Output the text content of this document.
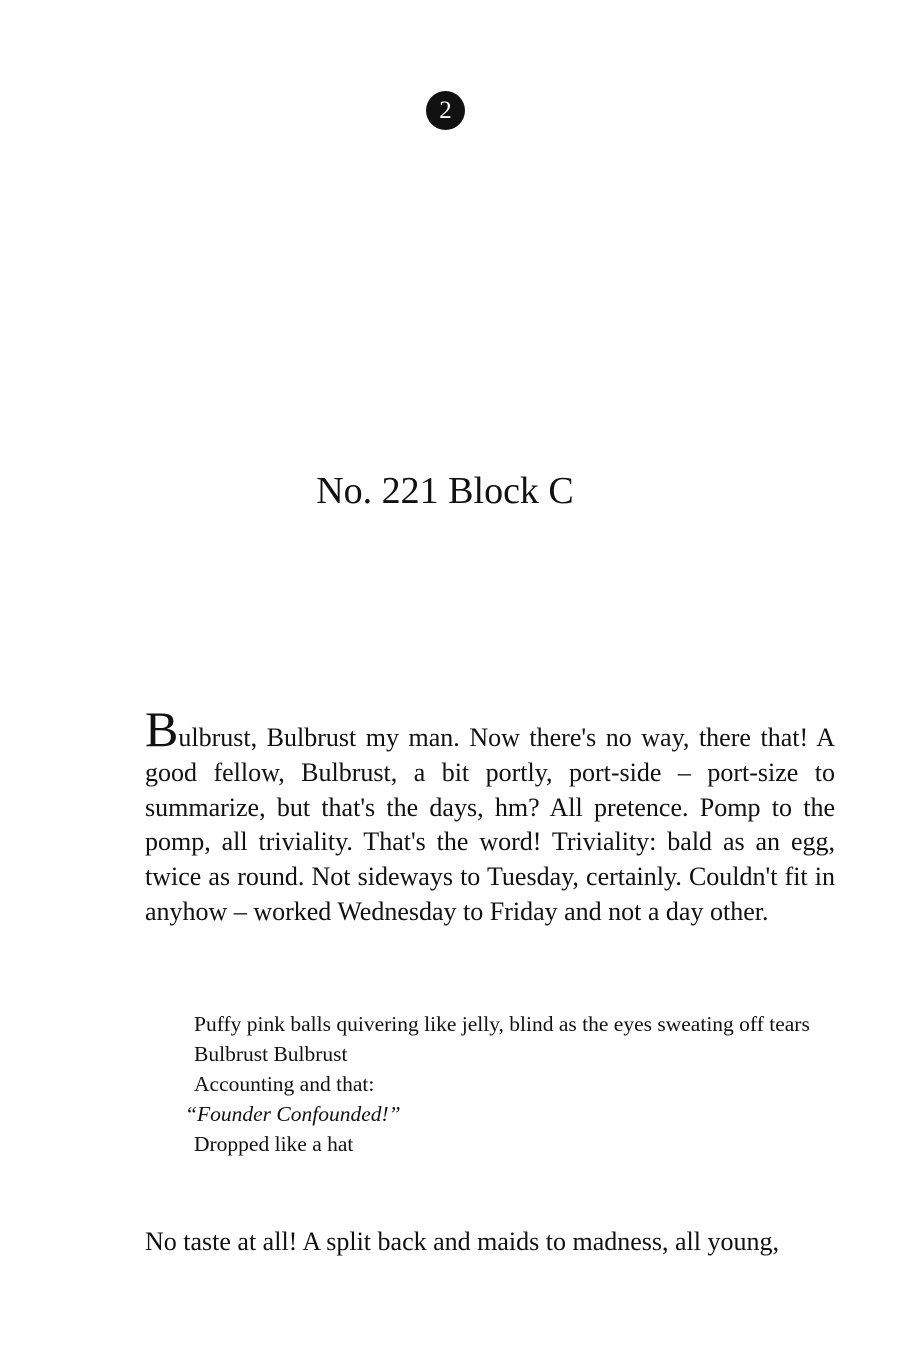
2
No. 221 Block C

Bulbrust, Bulbrust my man. Now there's no way, there that! A good fellow, Bulbrust, a bit portly, port-side – port-size to summarize, but that's the days, hm? All pretence. Pomp to the pomp, all triviality. That's the word! Triviality: bald as an egg, twice as round. Not sideways to Tuesday, certainly. Couldn't fit in anyhow – worked Wednesday to Friday and not a day other.

Puffy pink balls quivering like jelly, blind as the eyes sweating off tears
Bulbrust Bulbrust
Accounting and that:
“Founder Confounded!”
Dropped like a hat

No taste at all! A split back and maids to madness, all young,
